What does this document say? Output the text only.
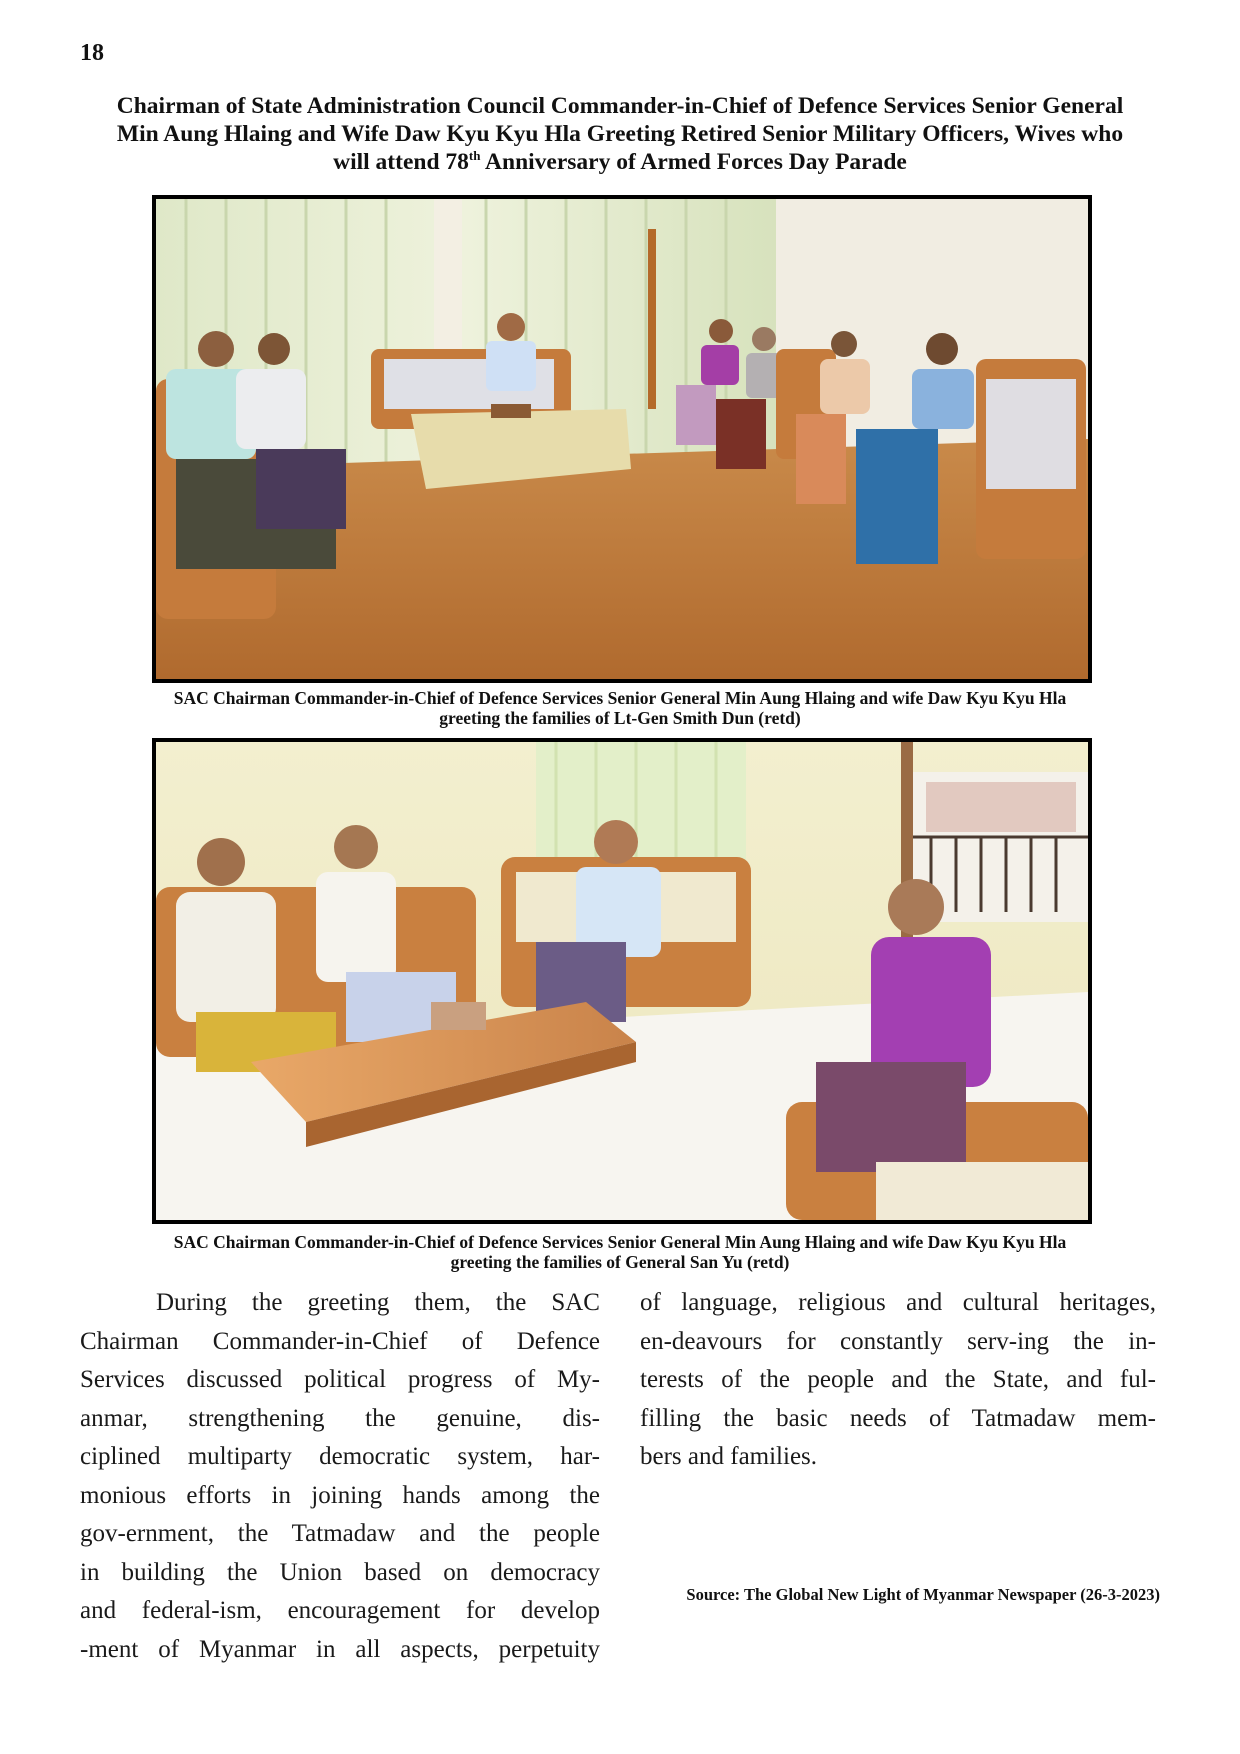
18
Chairman of State Administration Council Commander-in-Chief of Defence Services Senior General
Min Aung Hlaing and Wife Daw Kyu Kyu Hla Greeting Retired Senior Military Officers, Wives who
will attend 78th Anniversary of Armed Forces Day Parade
SAC Chairman Commander-in-Chief of Defence Services Senior General Min Aung Hlaing and wife Daw Kyu Kyu Hla
greeting the families of Lt-Gen Smith Dun (retd)
SAC Chairman Commander-in-Chief of Defence Services Senior General Min Aung Hlaing and wife Daw Kyu Kyu Hla
greeting the families of General San Yu (retd)
During the greeting them, the SAC
Chairman Commander-in-Chief of Defence
Services discussed political progress of My-
anmar, strengthening the genuine, dis-
ciplined multiparty democratic system, har-
monious efforts in joining hands among the
gov-ernment, the Tatmadaw and the people
in building the Union based on democracy
and federal-ism, encouragement for develop
-ment of Myanmar in all aspects, perpetuity
of language, religious and cultural heritages,
en-deavours for constantly serv-ing the in-
terests of the people and the State, and ful-
filling the basic needs of Tatmadaw mem-
bers and families.
Source: The Global New Light of Myanmar Newspaper (26-3-2023)
